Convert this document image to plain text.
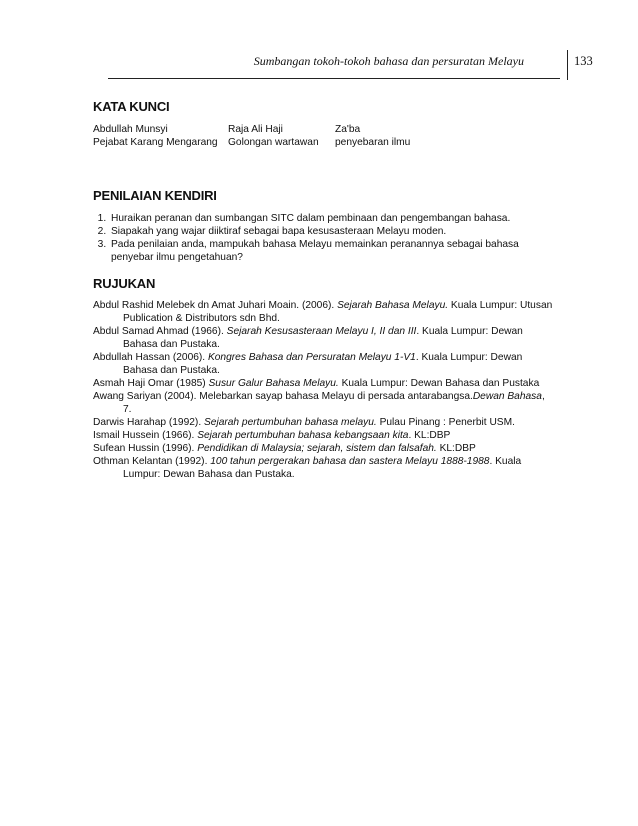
Sumbangan tokoh-tokoh bahasa dan persuratan Melayu	133
KATA KUNCI
Abdullah Munsyi	Raja Ali Haji	Za'ba
Pejabat Karang Mengarang	Golongan wartawan	penyebaran ilmu
PENILAIAN KENDIRI
1. Huraikan peranan dan sumbangan SITC dalam pembinaan dan pengembangan bahasa.
2. Siapakah yang wajar diiktiraf sebagai bapa kesusasteraan Melayu moden.
3. Pada penilaian anda, mampukah bahasa Melayu memainkan peranannya sebagai bahasa penyebar ilmu pengetahuan?
RUJUKAN
Abdul Rashid Melebek dn Amat Juhari Moain. (2006). Sejarah Bahasa Melayu. Kuala Lumpur: Utusan Publication & Distributors sdn Bhd.
Abdul Samad Ahmad (1966). Sejarah Kesusasteraan Melayu I, II dan III. Kuala Lumpur: Dewan Bahasa dan Pustaka.
Abdullah Hassan (2006). Kongres Bahasa dan Persuratan Melayu 1-V1. Kuala Lumpur: Dewan Bahasa dan Pustaka.
Asmah Haji Omar (1985) Susur Galur Bahasa Melayu. Kuala Lumpur: Dewan Bahasa dan Pustaka
Awang Sariyan (2004). Melebarkan sayap bahasa Melayu di persada antarabangsa.Dewan Bahasa, 7.
Darwis Harahap (1992). Sejarah pertumbuhan bahasa melayu. Pulau Pinang : Penerbit USM.
Ismail Hussein (1966). Sejarah pertumbuhan bahasa kebangsaan kita. KL:DBP
Sufean Hussin (1996). Pendidikan di Malaysia; sejarah, sistem dan falsafah. KL:DBP
Othman Kelantan (1992). 100 tahun pergerakan bahasa dan sastera Melayu 1888-1988. Kuala Lumpur: Dewan Bahasa dan Pustaka.
